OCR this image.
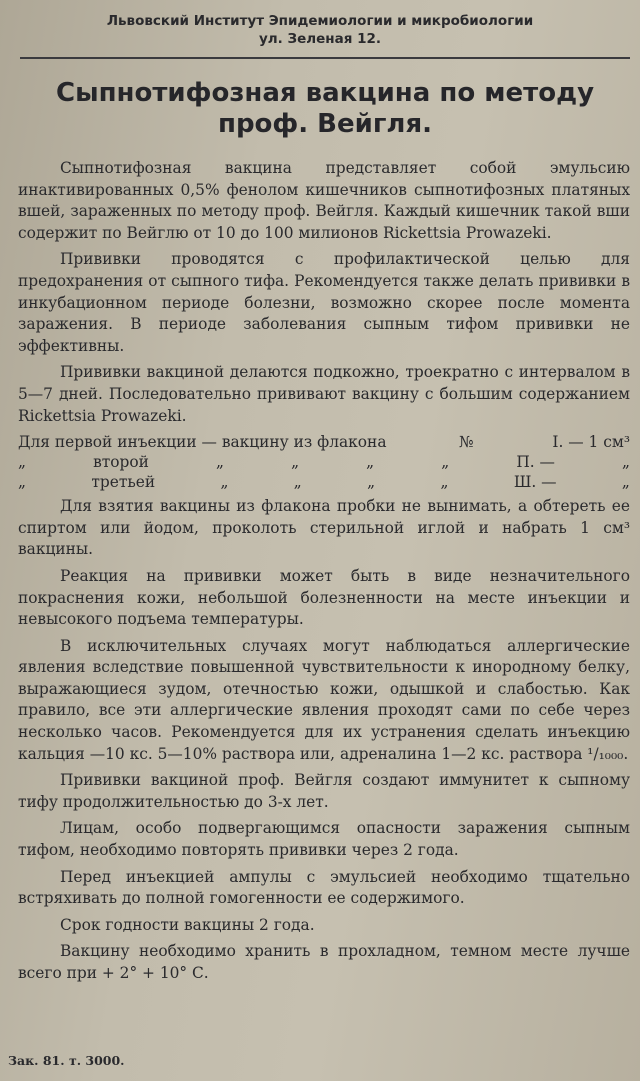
Львовский Институт Эпидемиологии и микробиологии
ул. Зеленая 12.
Сыпнотифозная вакцина по методу
проф. Вейгля.

Сыпнотифозная вакцина представляет собой эмульсию инактивированных 0,5% фенолом кишечников сыпнотифозных платяных вшей, зараженных по методу проф. Вейгля. Каждый кишечник такой вши содержит по Вейглю от 10 до 100 милионов Rickettsia Prowazeki.

Прививки проводятся с профилактической целью для предохранения от сыпного тифа. Рекомендуется также делать прививки в инкубационном периоде болезни, возможно скорее после момента заражения. В периоде заболевания сыпным тифом прививки не эффективны.

Прививки вакциной делаются подкожно, троекратно с интервалом в 5—7 дней. Последовательно прививают вакцину с большим содержанием Rickettsia Prowazeki.

Для первой инъекции — вакцину из флакона	№	I. — 1 см³
„	второй	„	„	„	„	П. —	„
„	третьей	„	„	„	„	Ш. —	„

Для взятия вакцины из флакона пробки не вынимать, а обтереть ее спиртом или йодом, проколоть стерильной иглой и набрать 1 см³ вакцины.

Реакция на прививки может быть в виде незначительного покраснения кожи, небольшой болезненности на месте инъекции и невысокого подъема температуры.

В исключительных случаях могут наблюдаться аллергические явления вследствие повышенной чувствительности к инородному белку, выражающиеся зудом, отечностью кожи, одышкой и слабостью. Как правило, все эти аллергические явления проходят сами по себе через несколько часов. Рекомендуется для их устранения сделать инъекцию кальция —10 кс. 5—10% раствора или, адреналина 1—2 кс. раствора ¹/₁₀₀₀.

Прививки вакциной проф. Вейгля создают иммунитет к сыпному тифу продолжительностью до 3-х лет.

Лицам, особо подвергающимся опасности заражения сыпным тифом, необходимо повторять прививки через 2 года.

Перед инъекцией ампулы с эмульсией необходимо тщательно встряхивать до полной гомогенности ее содержимого.

Срок годности вакцины 2 года.

Вакцину необходимо хранить в прохладном, темном месте лучше всего при + 2° + 10° С.

Зак. 81. т. 3000.
